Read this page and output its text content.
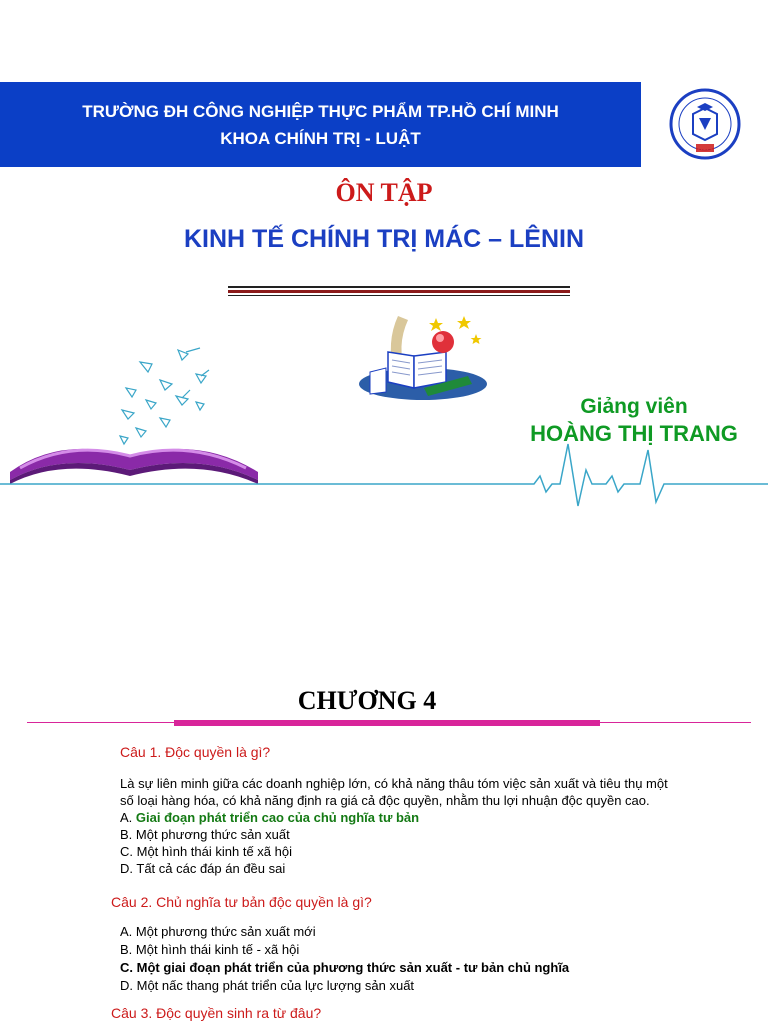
TRƯỜNG ĐH CÔNG NGHIỆP THỰC PHẨM TP.HỒ CHÍ MINH
KHOA CHÍNH TRỊ - LUẬT
ÔN TẬP
KINH TẾ CHÍNH TRỊ MÁC – LÊNIN
Giảng viên
HOÀNG THỊ TRANG
CHƯƠNG 4
Câu 1. Độc quyền là gì?
Là sự liên minh giữa các doanh nghiệp lớn, có khả năng thâu tóm việc sản xuất và tiêu thụ một
số loại hàng hóa, có khả năng định ra giá cả độc quyền, nhằm thu lợi nhuận độc quyền cao.
A. Giai đoạn phát triển cao của chủ nghĩa tư bản
B. Một phương thức sản xuất
C. Một hình thái kinh tế xã hội
D. Tất cả các đáp án đều sai
Câu 2. Chủ nghĩa tư bản độc quyền là gì?
A. Một phương thức sản xuất mới
B. Một hình thái kinh tế - xã hội
C. Một giai đoạn phát triển của phương thức sản xuất - tư bản chủ nghĩa
D. Một nấc thang phát triển của lực lượng sản xuất
Câu 3. Độc quyền sinh ra từ đâu?
